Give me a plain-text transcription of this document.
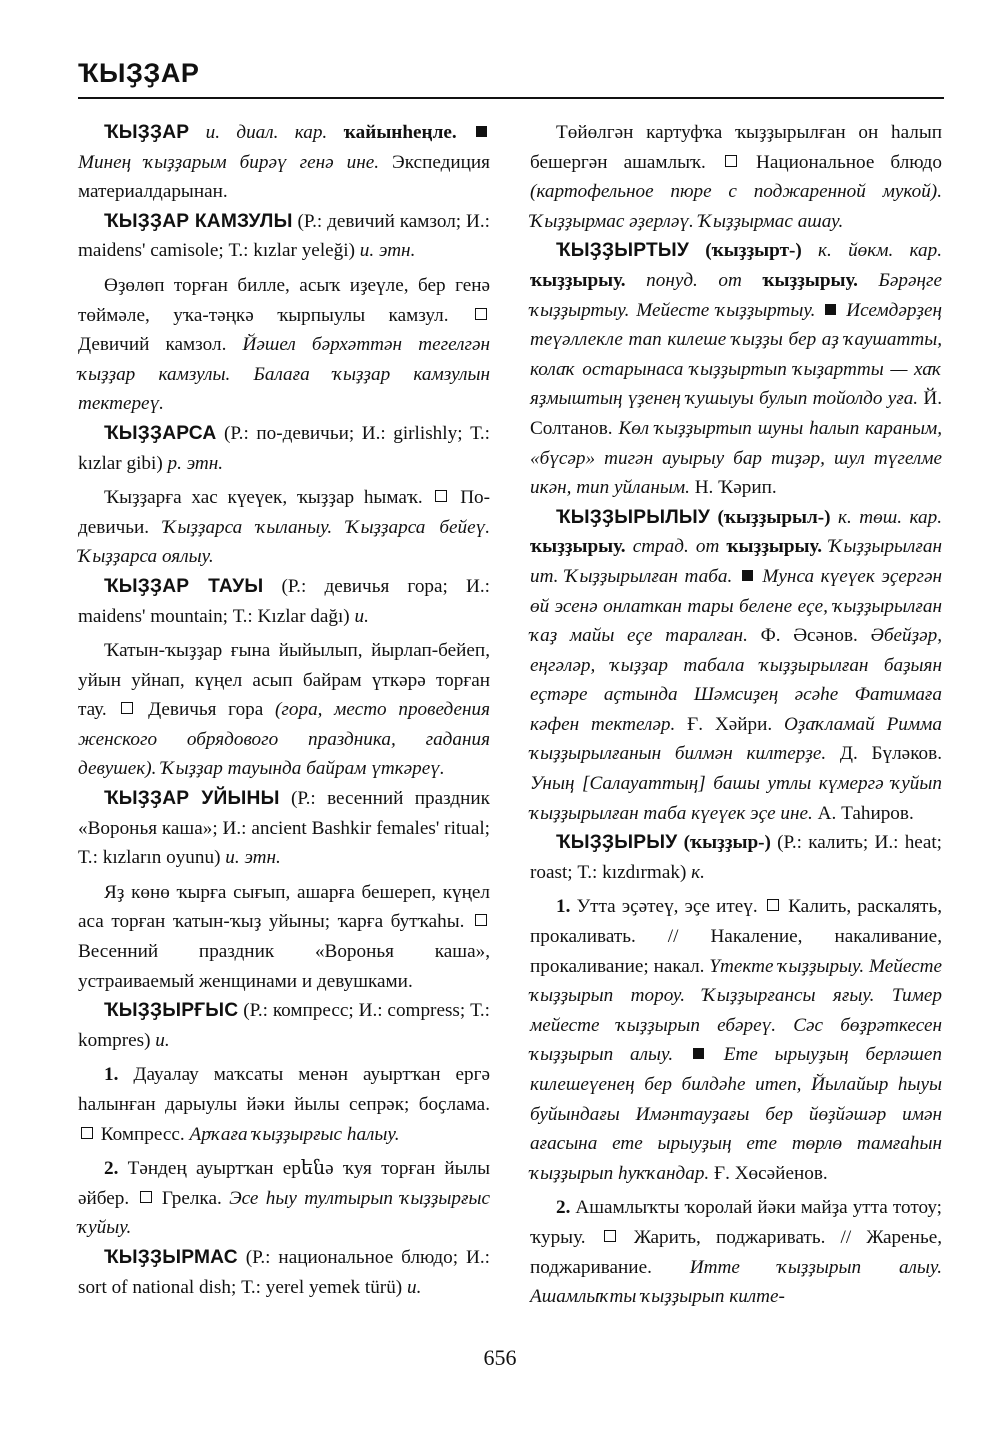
ҠЫҘҘАР

ҠЫҘҘАР и. диал. кар. ҡайынһеңле.  Минең ҡыҙҙарым бирәү генә ине. Экспедиция материалдарынан.

ҠЫҘҘАР КАМЗУЛЫ (Р.: девичий камзол; И.: maidens' camisole; Т.: kızlar yeleği) и. этн.

Өҙөлөп торған билле, асыҡ иҙеүле, бер генә төймәле, уҡа-тәңкә ҡырпыулы камзул.  Девичий камзол. Йәшел бәрхәттән тегелгән ҡыҙҙар камзулы. Балаға ҡыҙҙар камзулын тектереү.

ҠЫҘҘАРСА (Р.: по-девичьи; И.: girlishly; Т.: kızlar gibi) р. этн.

Ҡыҙҙарға хас күеүек, ҡыҙҙар һымаҡ. По-девичьи. Ҡыҙҙарса ҡыланыу. Ҡыҙҙарса бейеү. Ҡыҙҙарса оялыу.

ҠЫҘҘАР ТАУЫ (Р.: девичья гора; И.: maidens' mountain; Т.: Kızlar dağı) и.

Ҡатын-ҡыҙҙар ғына йыйылып, йырлап-бейеп, уйын уйнап, күңел асып байрам үткәрә торған тау. Девичья гора (гора, место проведения женского обрядового праздника, гадания девушек). Ҡыҙҙар тауында байрам үткәреү.

ҠЫҘҘАР УЙЫНЫ (Р.: весенний праздник «Воронья каша»; И.: ancient Bashkir females' ritual; Т.: kızların oyunu) и. этн.

Яҙ көнө ҡырға сығып, ашарға бешереп, күңел аса торған ҡатын-ҡыҙ уйыны; ҡарға бутҡаһы.  Весенний праздник «Воронья каша», устраиваемый женщинами и девушками.

ҠЫҘҘЫРҒЫС (Р.: компресс; И.: compress; Т.: kompres) и.

1. Дауалау маҡсаты менән ауыртҡан ергә һалынған дарыулы йәки йылы сепрәк; боҫлама.  Компресс. Арҡаға ҡыҙҙырғыс һалыу.

2. Тәндең ауыртҡан ерենә ҡуя торған йылы әйбер. Грелка. Эсе һыу тултырып ҡыҙҙырғыс ҡуйыу.

ҠЫҘҘЫРМАС (Р.: национальное блюдо; И.: sort of national dish; Т.: yerel yemek türü) и.

Төйөлгән картуфҡа ҡыҙҙырылған он һалып бешергән ашамлыҡ.	Национальное блюдо (картофельное пюре с поджаренной мукой). Ҡыҙҙырмас әҙерләү. Ҡыҙҙырмас ашау.

ҠЫҘҘЫРТЫУ (ҡыҙҙырт-) к. йөкм. кар. ҡыҙҙырыу. понуд. от ҡыҙҙырыу. Бәрәңге ҡыҙҙыртыу. Мейесте ҡыҙҙыртыу. Исемдәрҙең теүәллекле тап килеше ҡыҙҙы бер аҙ ҡаушатты, колаҡ остарынаса ҡыҙҙыртып ҡыҙартты — хаҡ яҙмыштың үҙенең ҡушыуы булып тойолдо уға. Й. Солтанов. Көл ҡыҙҙыртып шуны һалып караным, «бүсәр» тигән ауырыу бар тиҙәр, шул түгелме икән, тип уйланым. Н. Ҡәрип.

ҠЫҘҘЫРЫЛЫУ (ҡыҙҙырыл-) к. төш. кар. ҡыҙҙырыу. страд. от ҡыҙҙырыу. Ҡыҙҙырылған ит. Ҡыҙҙырылған таба. Мунса күеүек эҫергән өй эсенә онлаткан тары белене еҫе, ҡыҙҙырылған ҡаҙ майы еҫе таралған. Ф. Әсәнов. Әбейҙәр, еңгәләр, ҡыҙҙар табала ҡыҙҙырылған баҙыян еҫтәре аҫтында Шәмсиҙең әсәһе Фатимаға кәфен тектеләр. Ғ. Хәйри. Оҙаҡламай Римма ҡыҙҙырылғанын билмән килтерҙе. Д. Бүләков. Уның [Салауаттың] башы утлы күмергә ҡуйып ҡыҙҙырылған таба күеүек эҫе ине. А. Таһиров.

ҠЫҘҘЫРЫУ (ҡыҙҙыр-) (Р.: калить; И.: heat; roast; Т.: kızdırmak) к.

1. Утта эҫәтеү, эҫе итеү. Калить, раскалять, прокаливать. // Накаление, накаливание, прокаливание; накал. Үтекте ҡыҙҙырыу. Мейесте ҡыҙҙырып тороу. Ҡыҙҙырғансы яғыу. Тимер мейесте ҡыҙҙырып ебәреү. Сәс бөҙрәткесен ҡыҙҙырып алыу.	Ете ырыуҙың берләшеп килешеүенең бер билдәһе итеп, Йылайыр һыуы буйындағы Имәнтауҙағы бер йөҙйәшәр имән ағасына ете ырыуҙың ете төрлө тамғаһын ҡыҙҙырып һуҡҡандар. Ғ. Хөсәйенов.

2. Ашамлыҡты ҡоролай йәки майҙа утта тотоу; ҡурыу.	Жарить, поджаривать. // Жаренье, поджаривание. Итте ҡыҙҙырып алыу. Ашамлыҡты ҡыҙҙырып килте-

656
